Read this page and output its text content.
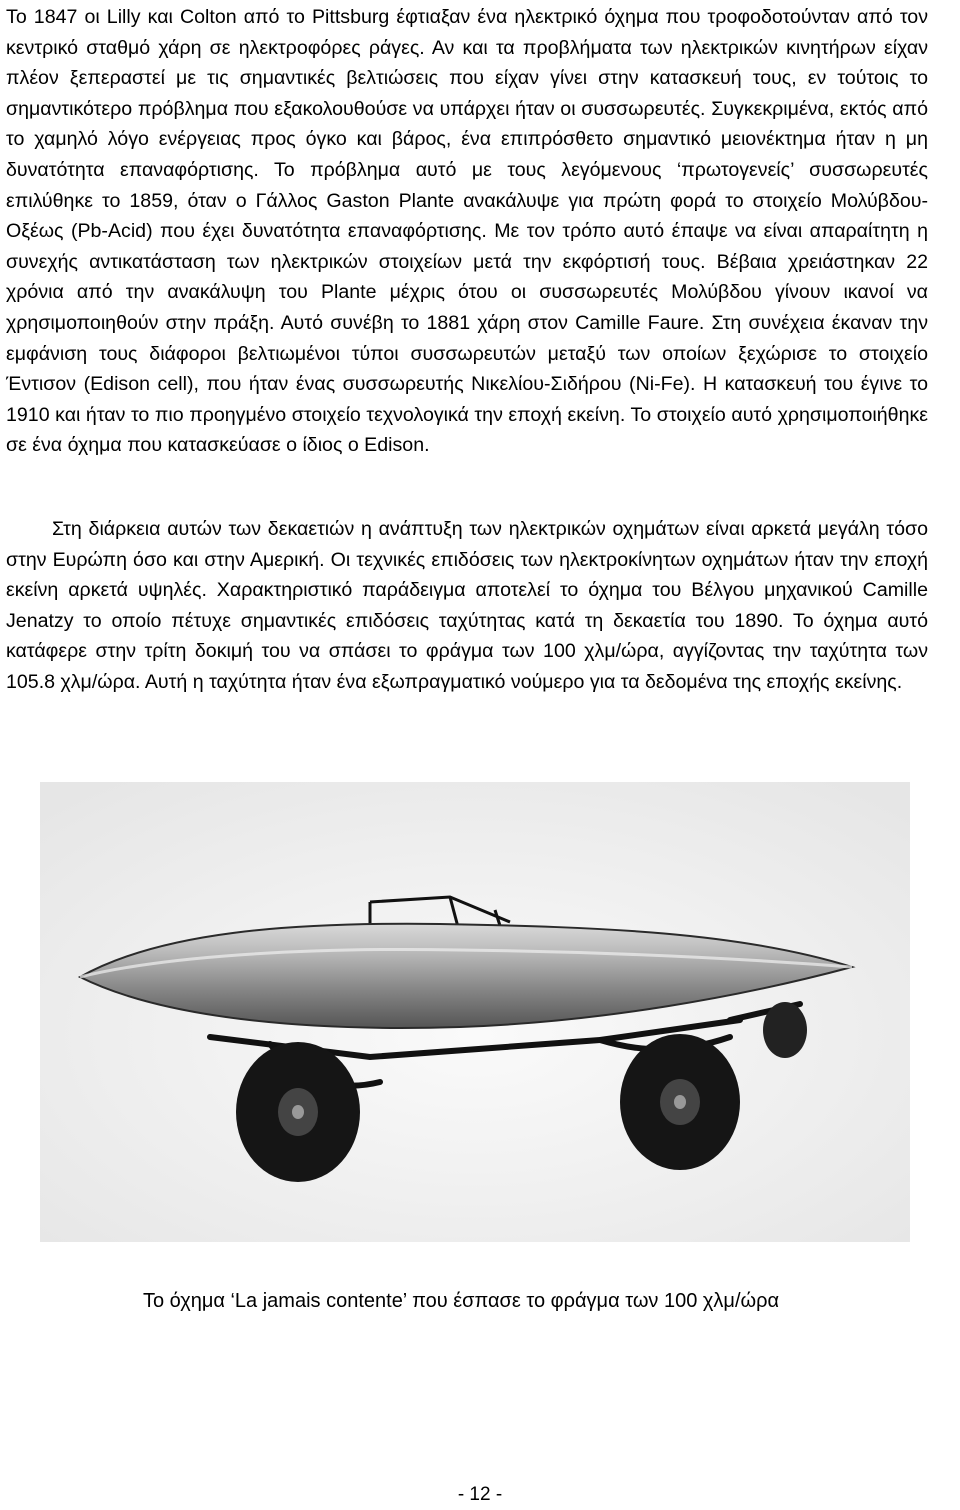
Το 1847 οι Lilly και Colton από το Pittsburg έφτιαξαν ένα ηλεκτρικό όχημα που τροφοδοτούνταν από τον κεντρικό σταθμό χάρη σε ηλεκτροφόρες ράγες. Αν και τα προβλήματα των ηλεκτρικών κινητήρων είχαν πλέον ξεπεραστεί με τις σημαντικές βελτιώσεις που είχαν γίνει στην κατασκευή τους, εν τούτοις το σημαντικότερο πρόβλημα που εξακολουθούσε να υπάρχει ήταν οι συσσωρευτές. Συγκεκριμένα, εκτός από το χαμηλό λόγο ενέργειας προς όγκο και βάρος, ένα επιπρόσθετο σημαντικό μειονέκτημα ήταν η μη δυνατότητα επαναφόρτισης. Το πρόβλημα αυτό με τους λεγόμενους ‘πρωτογενείς’ συσσωρευτές επιλύθηκε το 1859, όταν ο Γάλλος Gaston Plante ανακάλυψε για πρώτη φορά το στοιχείο Μολύβδου-Οξέως (Pb-Acid) που έχει δυνατότητα επαναφόρτισης. Με τον τρόπο αυτό έπαψε να είναι απαραίτητη η συνεχής αντικατάσταση των ηλεκτρικών στοιχείων μετά την εκφόρτισή τους. Βέβαια χρειάστηκαν 22 χρόνια από την ανακάλυψη του Plante μέχρις ότου οι συσσωρευτές Μολύβδου γίνουν ικανοί να χρησιμοποιηθούν στην πράξη. Αυτό συνέβη το 1881 χάρη στον Camille Faure. Στη συνέχεια έκαναν την εμφάνιση τους διάφοροι βελτιωμένοι τύποι συσσωρευτών μεταξύ των οποίων ξεχώρισε το στοιχείο Έντισον (Edison cell), που ήταν ένας συσσωρευτής Νικελίου-Σιδήρου (Ni-Fe). Η κατασκευή του έγινε το 1910 και ήταν το πιο προηγμένο στοιχείο τεχνολογικά την εποχή εκείνη. Το στοιχείο αυτό χρησιμοποιήθηκε σε ένα όχημα που κατασκεύασε ο ίδιος ο Edison.

Στη διάρκεια αυτών των δεκαετιών η ανάπτυξη των ηλεκτρικών οχημάτων είναι αρκετά μεγάλη τόσο στην Ευρώπη όσο και στην Αμερική. Οι τεχνικές επιδόσεις των ηλεκτροκίνητων οχημάτων ήταν την εποχή εκείνη αρκετά υψηλές. Χαρακτηριστικό παράδειγμα αποτελεί το όχημα του Βέλγου μηχανικού Camille Jenatzy το οποίο πέτυχε σημαντικές επιδόσεις ταχύτητας κατά τη δεκαετία του 1890. Το όχημα αυτό κατάφερε στην τρίτη δοκιμή του να σπάσει το φράγμα των 100 χλμ/ώρα, αγγίζοντας την ταχύτητα των 105.8 χλμ/ώρα. Αυτή η ταχύτητα ήταν ένα εξωπραγματικό νούμερο για τα δεδομένα της εποχής εκείνης.

Το όχημα ‘La jamais contente’ που έσπασε το φράγμα των 100 χλμ/ώρα
- 12 -
